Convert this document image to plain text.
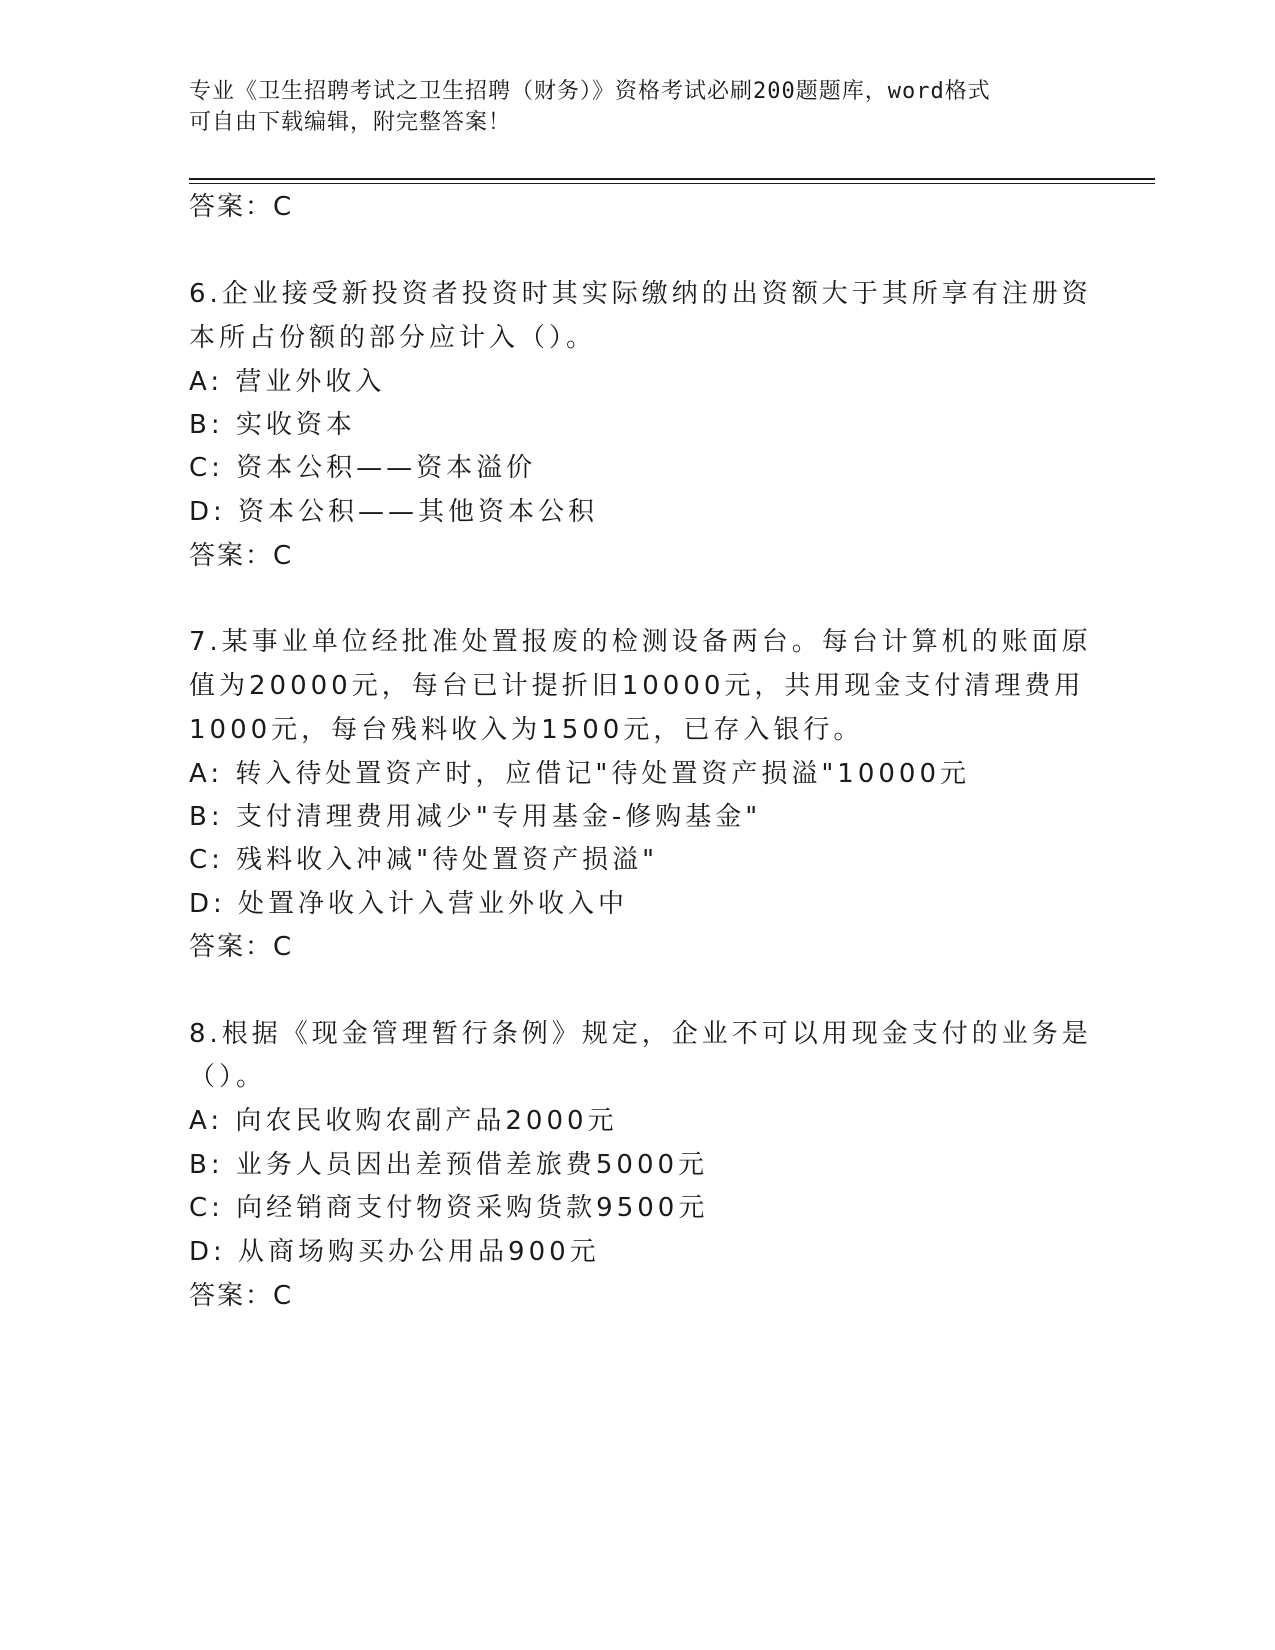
专业《卫生招聘考试之卫生招聘（财务）》资格考试必刷200题题库，word格式
可自由下载编辑，附完整答案！
答案：C
6.企业接受新投资者投资时其实际缴纳的出资额大于其所享有注册资
本所占份额的部分应计入（）。
A: 营业外收入
B: 实收资本
C: 资本公积——资本溢价
D: 资本公积——其他资本公积
答案：C
7.某事业单位经批准处置报废的检测设备两台。每台计算机的账面原
值为20000元，每台已计提折旧10000元，共用现金支付清理费用
1000元，每台残料收入为1500元，已存入银行。
A: 转入待处置资产时，应借记"待处置资产损溢"10000元
B: 支付清理费用减少"专用基金-修购基金"
C: 残料收入冲减"待处置资产损溢"
D: 处置净收入计入营业外收入中
答案：C
8.根据《现金管理暂行条例》规定，企业不可以用现金支付的业务是
（）。
A: 向农民收购农副产品2000元
B: 业务人员因出差预借差旅费5000元
C: 向经销商支付物资采购货款9500元
D: 从商场购买办公用品900元
答案：C
